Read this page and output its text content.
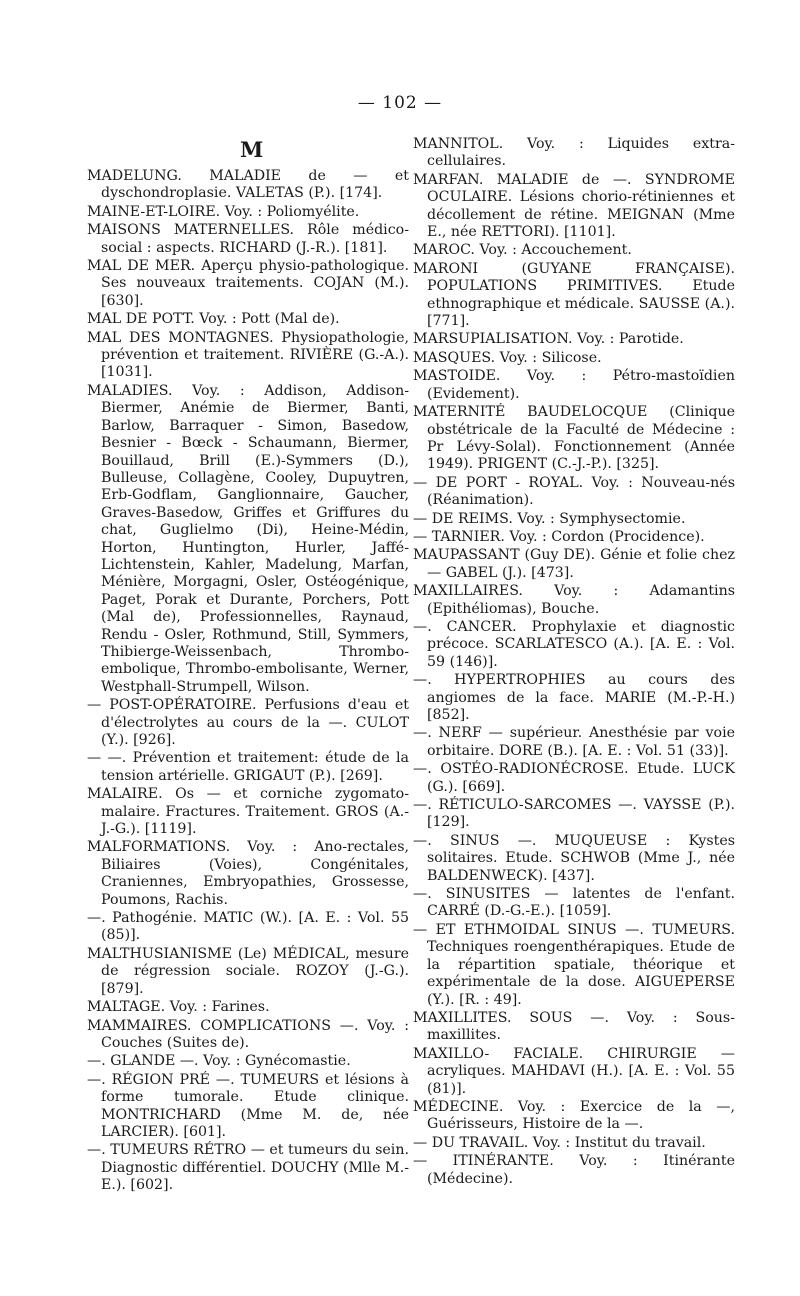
— 102 —
M

MADELUNG. MALADIE de — et dyschondroplasie. VALETAS (P.). [174].

MAINE-ET-LOIRE. Voy. : Poliomyélite.

MAISONS MATERNELLES. Rôle médico-social : aspects. RICHARD (J.-R.). [181].

MAL DE MER. Aperçu physio-pathologique. Ses nouveaux traitements. COJAN (M.). [630].

MAL DE POTT. Voy. : Pott (Mal de).

MAL DES MONTAGNES. Physiopathologie, prévention et traitement. RIVIÈRE (G.-A.). [1031].

MALADIES. Voy. : Addison, Addison-Biermer, Anémie de Biermer, Banti, Barlow, Barraquer - Simon, Basedow, Besnier - Bœck - Schaumann, Biermer, Bouillaud, Brill (E.)-Symmers (D.), Bulleuse, Collagène, Cooley, Dupuytren, Erb-Godflam, Ganglionnaire, Gaucher, Graves-Basedow, Griffes et Griffures du chat, Guglielmo (Di), Heine-Médin, Horton, Huntington, Hurler, Jaffé-Lichtenstein, Kahler, Madelung, Marfan, Ménière, Morgagni, Osler, Ostéogénique, Paget, Porak et Durante, Porchers, Pott (Mal de), Professionnelles, Raynaud, Rendu - Osler, Rothmund, Still, Symmers, Thibierge-Weissenbach, Thrombo-embolique, Thrombo-embolisante, Werner, Westphall-Strumpell, Wilson.

— POST-OPÉRATOIRE. Perfusions d'eau et d'électrolytes au cours de la —. CULOT (Y.). [926].

— —. Prévention et traitement: étude de la tension artérielle. GRIGAUT (P.). [269].

MALAIRE. Os — et corniche zygomato-malaire. Fractures. Traitement. GROS (A.-J.-G.). [1119].

MALFORMATIONS. Voy. : Ano-rectales, Biliaires (Voies), Congénitales, Craniennes, Embryopathies, Grossesse, Poumons, Rachis.

—. Pathogénie. MATIC (W.). [A. E. : Vol. 55 (85)].

MALTHUSIANISME (Le) MÉDICAL, mesure de régression sociale. ROZOY (J.-G.). [879].

MALTAGE. Voy. : Farines.

MAMMAIRES. COMPLICATIONS —. Voy. : Couches (Suites de).

—. GLANDE —. Voy. : Gynécomastie.

—. RÉGION PRÉ —. TUMEURS et lésions à forme tumorale. Etude clinique. MONTRICHARD (Mme M. de, née LARCIER). [601].

—. TUMEURS RÉTRO — et tumeurs du sein. Diagnostic différentiel. DOUCHY (Mlle M.-E.). [602].

MANNITOL. Voy. : Liquides extra-cellulaires.

MARFAN. MALADIE de —. SYNDROME OCULAIRE. Lésions chorio-rétiniennes et décollement de rétine. MEIGNAN (Mme E., née RETTORI). [1101].

MAROC. Voy. : Accouchement.

MARONI (GUYANE FRANÇAISE). POPULATIONS PRIMITIVES. Etude ethnographique et médicale. SAUSSE (A.). [771].

MARSUPIALISATION. Voy. : Parotide.

MASQUES. Voy. : Silicose.

MASTOIDE. Voy. : Pétro-mastoïdien (Evidement).

MATERNITÉ BAUDELOCQUE (Clinique obstétricale de la Faculté de Médecine : Pr Lévy-Solal). Fonctionnement (Année 1949). PRIGENT (C.-J.-P.). [325].

— DE PORT - ROYAL. Voy. : Nouveau-nés (Réanimation).

— DE REIMS. Voy. : Symphysectomie.

— TARNIER. Voy. : Cordon (Procidence).

MAUPASSANT (Guy DE). Génie et folie chez — GABEL (J.). [473].

MAXILLAIRES. Voy. : Adamantins (Epithéliomas), Bouche.

—. CANCER. Prophylaxie et diagnostic précoce. SCARLATESCO (A.). [A. E. : Vol. 59 (146)].

—. HYPERTROPHIES au cours des angiomes de la face. MARIE (M.-P.-H.) [852].

—. NERF — supérieur. Anesthésie par voie orbitaire. DORE (B.). [A. E. : Vol. 51 (33)].

—. OSTÉO-RADIONÉCROSE. Etude. LUCK (G.). [669].

—. RÉTICULO-SARCOMES —. VAYSSE (P.). [129].

—. SINUS —. MUQUEUSE : Kystes solitaires. Etude. SCHWOB (Mme J., née BALDENWECK). [437].

—. SINUSITES — latentes de l'enfant. CARRÉ (D.-G.-E.). [1059].

— ET ETHMOIDAL SINUS —. TUMEURS. Techniques roengenthérapiques. Etude de la répartition spatiale, théorique et expérimentale de la dose. AIGUEPERSE (Y.). [R. : 49].

MAXILLITES. SOUS —. Voy. : Sous-maxillites.

MAXILLO- FACIALE. CHIRURGIE — acryliques. MAHDAVI (H.). [A. E. : Vol. 55 (81)].

MÉDECINE. Voy. : Exercice de la —, Guérisseurs, Histoire de la —.

— DU TRAVAIL. Voy. : Institut du travail.

— ITINÉRANTE. Voy. : Itinérante (Médecine).
